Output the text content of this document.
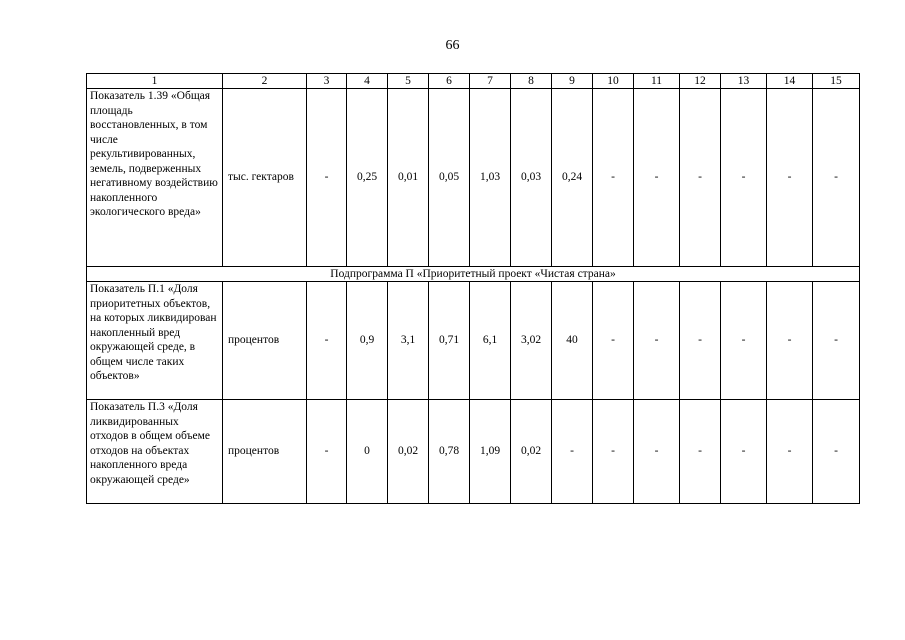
66
1	2	3	4	5	6	7	8	9	10	11	12	13	14	15
Показатель 1.39 «Общая площадь восстановленных, в том числе рекультивированных, земель, подверженных негативному воздействию накопленного экологического вреда»	тыс. гектаров	-	0,25	0,01	0,05	1,03	0,03	0,24	-	-	-	-	-	-
Подпрограмма П «Приоритетный проект «Чистая страна»														
Показатель П.1 «Доля приоритетных объектов, на которых ликвидирован накопленный вред окружающей среде, в общем числе таких объектов»	процентов	-	0,9	3,1	0,71	6,1	3,02	40	-	-	-	-	-	-
Показатель П.3 «Доля ликвидированных отходов в общем объеме отходов на объектах накопленного вреда окружающей среде»	процентов	-	0	0,02	0,78	1,09	0,02	-	-	-	-	-	-	-
